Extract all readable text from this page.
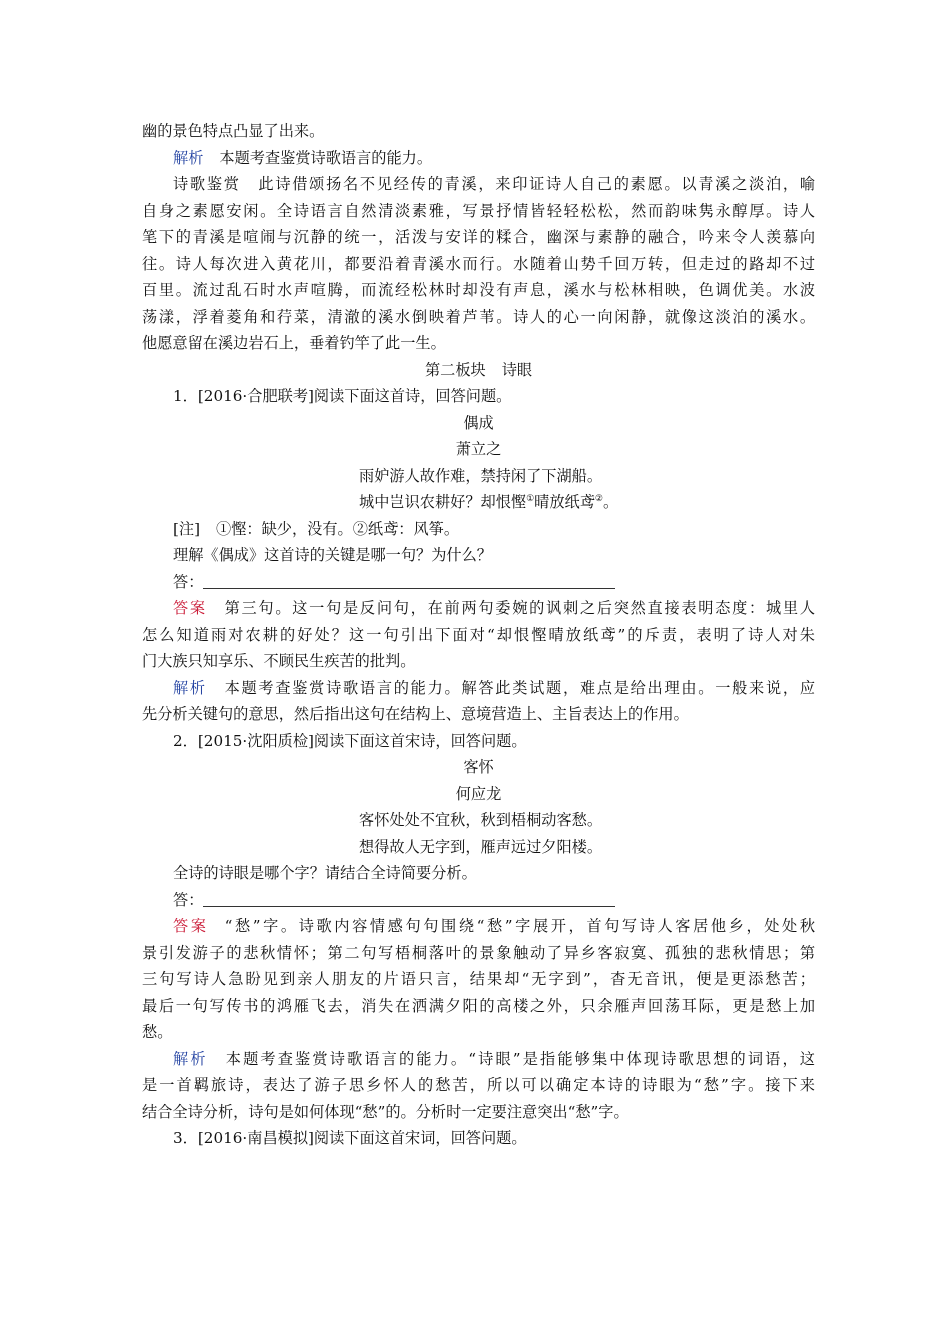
幽的景色特点凸显了出来。
解析 本题考查鉴赏诗歌语言的能力。
诗歌鉴赏 此诗借颂扬名不见经传的青溪，来印证诗人自己的素愿。以青溪之淡泊，喻
自身之素愿安闲。全诗语言自然清淡素雅，写景抒情皆轻轻松松，然而韵味隽永醇厚。诗人
笔下的青溪是喧闹与沉静的统一，活泼与安详的糅合，幽深与素静的融合，吟来令人羡慕向
往。诗人每次进入黄花川，都要沿着青溪水而行。水随着山势千回万转，但走过的路却不过
百里。流过乱石时水声喧腾，而流经松林时却没有声息，溪水与松林相映，色调优美。水波
荡漾，浮着菱角和荇菜，清澈的溪水倒映着芦苇。诗人的心一向闲静，就像这淡泊的溪水。
他愿意留在溪边岩石上，垂着钓竿了此一生。
第二板块 诗眼
1．[2016·合肥联考]阅读下面这首诗，回答问题。
偶成
萧立之
雨妒游人故作难，禁持闲了下湖船。
城中岂识农耕好？却恨慳①晴放纸鸢②。
[注] ①慳：缺少，没有。②纸鸢：风筝。
理解《偶成》这首诗的关键是哪一句？为什么？
答：
答案 第三句。这一句是反问句，在前两句委婉的讽刺之后突然直接表明态度：城里人
怎么知道雨对农耕的好处？这一句引出下面对“却恨慳晴放纸鸢”的斥责，表明了诗人对朱
门大族只知享乐、不顾民生疾苦的批判。
解析 本题考查鉴赏诗歌语言的能力。解答此类试题，难点是给出理由。一般来说，应
先分析关键句的意思，然后指出这句在结构上、意境营造上、主旨表达上的作用。
2．[2015·沈阳质检]阅读下面这首宋诗，回答问题。
客怀
何应龙
客怀处处不宜秋，秋到梧桐动客愁。
想得故人无字到，雁声远过夕阳楼。
全诗的诗眼是哪个字？请结合全诗简要分析。
答：
答案 “愁”字。诗歌内容情感句句围绕“愁”字展开，首句写诗人客居他乡，处处秋
景引发游子的悲秋情怀；第二句写梧桐落叶的景象触动了异乡客寂寞、孤独的悲秋情思；第
三句写诗人急盼见到亲人朋友的片语只言，结果却“无字到”，杳无音讯，便是更添愁苦；
最后一句写传书的鸿雁飞去，消失在洒满夕阳的高楼之外，只余雁声回荡耳际，更是愁上加
愁。
解析 本题考查鉴赏诗歌语言的能力。“诗眼”是指能够集中体现诗歌思想的词语，这
是一首羁旅诗，表达了游子思乡怀人的愁苦，所以可以确定本诗的诗眼为“愁”字。接下来
结合全诗分析，诗句是如何体现“愁”的。分析时一定要注意突出“愁”字。
3．[2016·南昌模拟]阅读下面这首宋词，回答问题。
